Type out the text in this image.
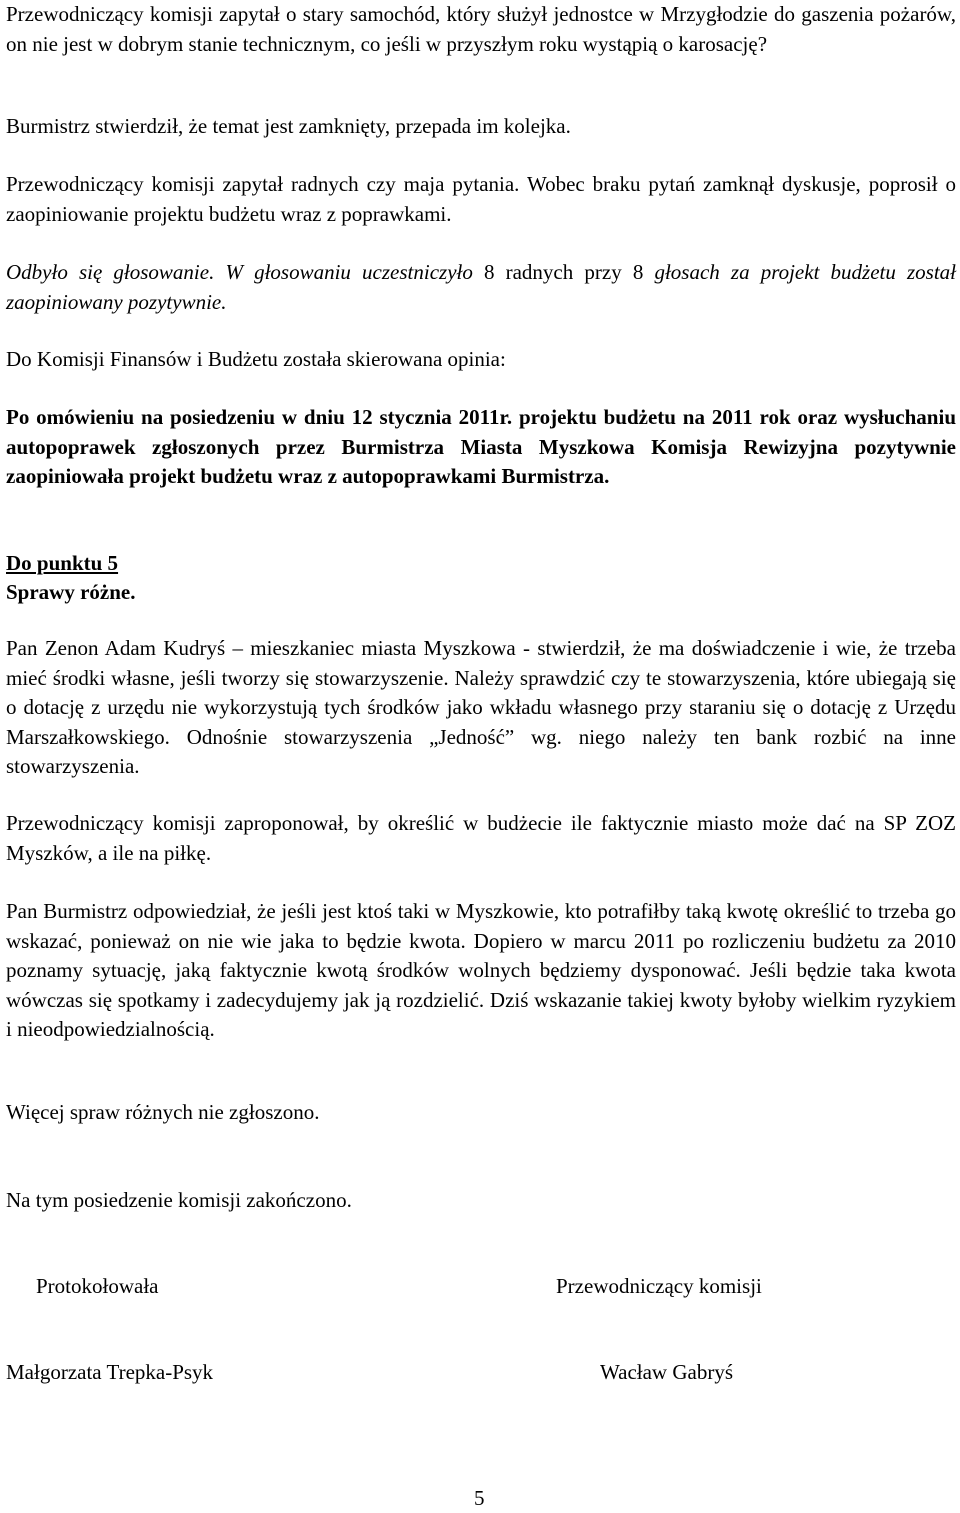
Przewodniczący komisji zapytał o stary samochód, który służył jednostce w Mrzygłodzie do gaszenia pożarów, on nie jest w dobrym stanie technicznym, co jeśli w przyszłym roku wystąpią o karosację?

Burmistrz stwierdził, że temat jest zamknięty, przepada im kolejka.

Przewodniczący komisji zapytał radnych czy maja pytania. Wobec braku pytań zamknął dyskusje, poprosił o zaopiniowanie projektu budżetu wraz z poprawkami.

Odbyło się głosowanie. W głosowaniu uczestniczyło 8 radnych przy 8 głosach za projekt budżetu został zaopiniowany pozytywnie.

Do Komisji Finansów i Budżetu została skierowana opinia:

Po omówieniu na posiedzeniu w dniu 12 stycznia 2011r. projektu budżetu na 2011 rok oraz wysłuchaniu autopoprawek zgłoszonych przez Burmistrza Miasta Myszkowa Komisja Rewizyjna pozytywnie zaopiniowała projekt budżetu wraz z autopoprawkami Burmistrza.

Do punktu 5

Sprawy różne.

Pan Zenon Adam Kudryś – mieszkaniec miasta Myszkowa - stwierdził, że ma doświadczenie i wie, że trzeba mieć środki własne, jeśli tworzy się stowarzyszenie. Należy sprawdzić czy te stowarzyszenia, które ubiegają się o dotację z urzędu nie wykorzystują tych środków jako wkładu własnego przy staraniu się o dotację z Urzędu Marszałkowskiego. Odnośnie stowarzyszenia „Jedność” wg. niego należy ten bank rozbić na inne stowarzyszenia.

Przewodniczący komisji zaproponował, by określić w budżecie ile faktycznie miasto może dać na SP ZOZ Myszków, a ile na piłkę.

Pan Burmistrz odpowiedział, że jeśli jest ktoś taki w Myszkowie, kto potrafiłby taką kwotę określić to trzeba go wskazać, ponieważ on nie wie jaka to będzie kwota. Dopiero w marcu 2011 po rozliczeniu budżetu za 2010 poznamy sytuację, jaką faktycznie kwotą środków wolnych będziemy dysponować. Jeśli będzie taka kwota wówczas się spotkamy i zadecydujemy jak ją rozdzielić. Dziś wskazanie takiej kwoty byłoby wielkim ryzykiem i nieodpowiedzialnością.

Więcej spraw różnych nie zgłoszono.

Na tym posiedzenie komisji zakończono.

Protokołowała	Przewodniczący komisji

Małgorzata Trepka-Psyk	Wacław Gabryś

5
